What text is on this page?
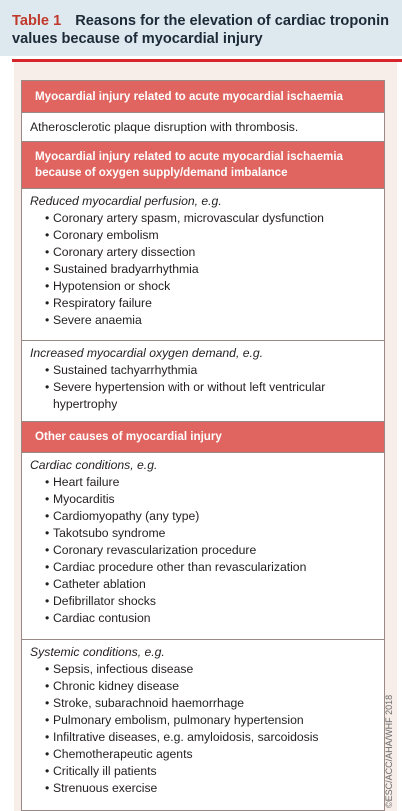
Table 1 Reasons for the elevation of cardiac troponin
values because of myocardial injury
Myocardial injury related to acute myocardial ischaemia
Atherosclerotic plaque disruption with thrombosis.
Myocardial injury related to acute myocardial ischaemia
because of oxygen supply/demand imbalance
Reduced myocardial perfusion, e.g.
• Coronary artery spasm, microvascular dysfunction
• Coronary embolism
• Coronary artery dissection
• Sustained bradyarrhythmia
• Hypotension or shock
• Respiratory failure
• Severe anaemia
Increased myocardial oxygen demand, e.g.
• Sustained tachyarrhythmia
• Severe hypertension with or without left ventricular
hypertrophy
Other causes of myocardial injury
Cardiac conditions, e.g.
• Heart failure
• Myocarditis
• Cardiomyopathy (any type)
• Takotsubo syndrome
• Coronary revascularization procedure
• Cardiac procedure other than revascularization
• Catheter ablation
• Defibrillator shocks
• Cardiac contusion
Systemic conditions, e.g.
• Sepsis, infectious disease
• Chronic kidney disease
• Stroke, subarachnoid haemorrhage
• Pulmonary embolism, pulmonary hypertension
• Infiltrative diseases, e.g. amyloidosis, sarcoidosis
• Chemotherapeutic agents
• Critically ill patients
• Strenuous exercise	©ESC/ACC/AHA/WHF 2018
